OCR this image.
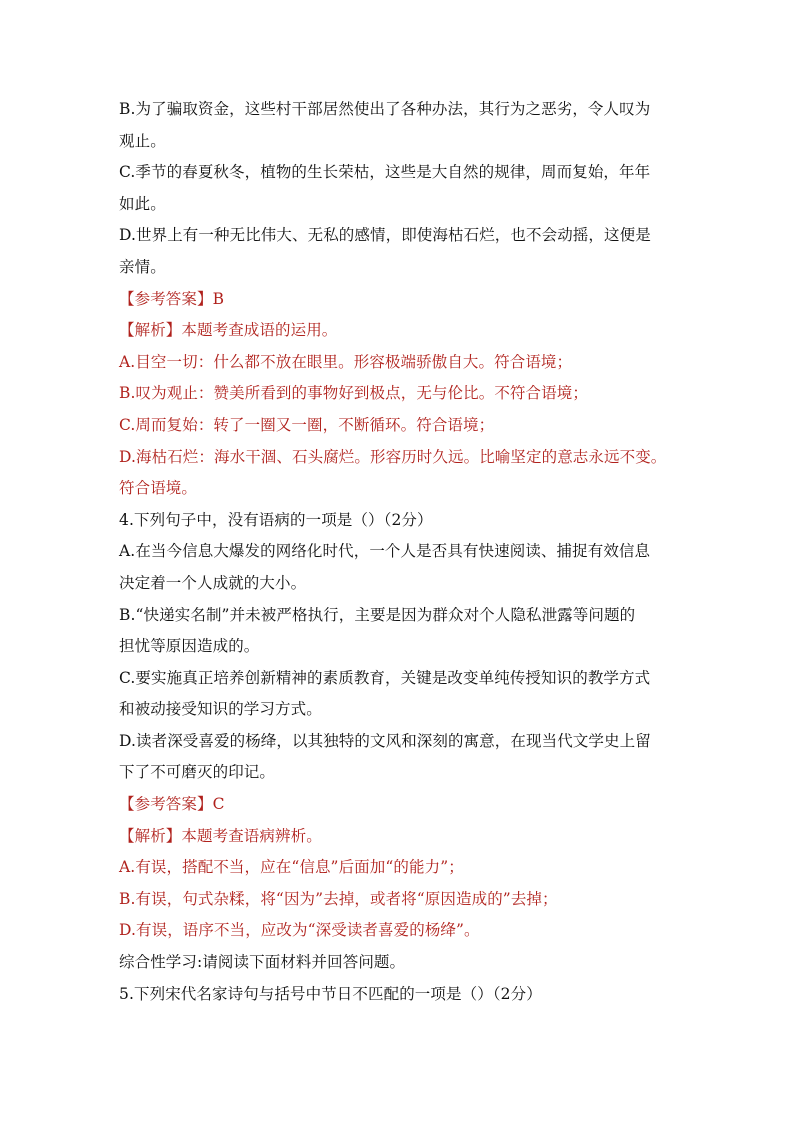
B.为了骗取资金，这些村干部居然使出了各种办法，其行为之恶劣，令人叹为
观止。
C.季节的春夏秋冬，植物的生长荣枯，这些是大自然的规律，周而复始，年年
如此。
D.世界上有一种无比伟大、无私的感情，即使海枯石烂，也不会动摇，这便是
亲情。
【参考答案】B
【解析】本题考查成语的运用。
A.目空一切：什么都不放在眼里。形容极端骄傲自大。符合语境；
B.叹为观止：赞美所看到的事物好到极点，无与伦比。不符合语境；
C.周而复始：转了一圈又一圈，不断循环。符合语境；
D.海枯石烂：海水干涸、石头腐烂。形容历时久远。比喻坚定的意志永远不变。
符合语境。
4.下列句子中，没有语病的一项是（）（2分）
A.在当今信息大爆发的网络化时代，一个人是否具有快速阅读、捕捉有效信息
决定着一个人成就的大小。
B.“快递实名制”并未被严格执行，主要是因为群众对个人隐私泄露等问题的
担忧等原因造成的。
C.要实施真正培养创新精神的素质教育，关键是改变单纯传授知识的教学方式
和被动接受知识的学习方式。
D.读者深受喜爱的杨绛，以其独特的文风和深刻的寓意，在现当代文学史上留
下了不可磨灭的印记。
【参考答案】C
【解析】本题考查语病辨析。
A.有误，搭配不当，应在“信息”后面加“的能力”；
B.有误，句式杂糅，将“因为”去掉，或者将“原因造成的”去掉；
D.有误，语序不当，应改为“深受读者喜爱的杨绛”。
综合性学习:请阅读下面材料并回答问题。
5.下列宋代名家诗句与括号中节日不匹配的一项是（）（2分）
